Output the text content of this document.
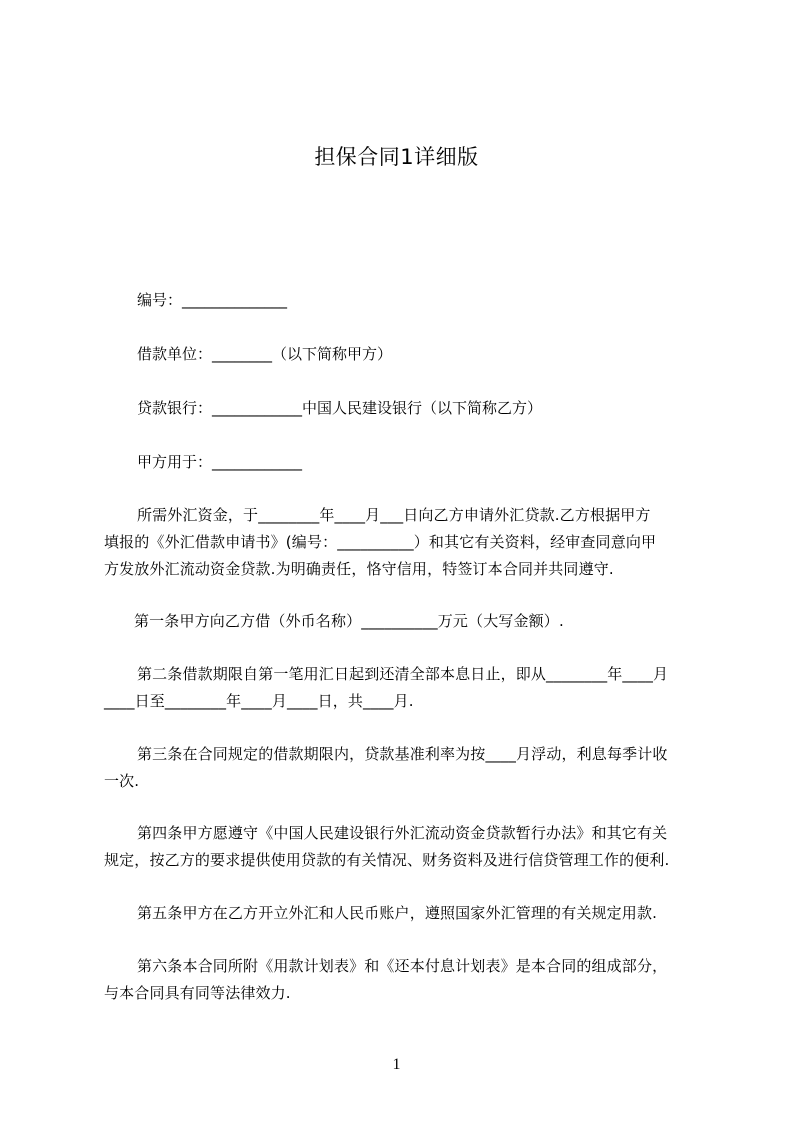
担保合同1详细版
编号：______________
借款单位：________（以下简称甲方）
贷款银行：____________中国人民建设银行（以下简称乙方）
甲方用于：____________
所需外汇资金，于________年____月___日向乙方申请外汇贷款.乙方根据甲方
填报的《外汇借款申请书》(编号：__________）和其它有关资料，经审查同意向甲
方发放外汇流动资金贷款.为明确责任，恪守信用，特签订本合同并共同遵守.
第一条甲方向乙方借（外币名称）__________万元（大写金额）.
第二条借款期限自第一笔用汇日起到还清全部本息日止，即从________年____月
____日至________年____月____日，共____月.
第三条在合同规定的借款期限内，贷款基准利率为按____月浮动，利息每季计收
一次.
第四条甲方愿遵守《中国人民建设银行外汇流动资金贷款暂行办法》和其它有关
规定，按乙方的要求提供使用贷款的有关情况、财务资料及进行信贷管理工作的便利.
第五条甲方在乙方开立外汇和人民币账户，遵照国家外汇管理的有关规定用款.
第六条本合同所附《用款计划表》和《还本付息计划表》是本合同的组成部分，
与本合同具有同等法律效力.
1
